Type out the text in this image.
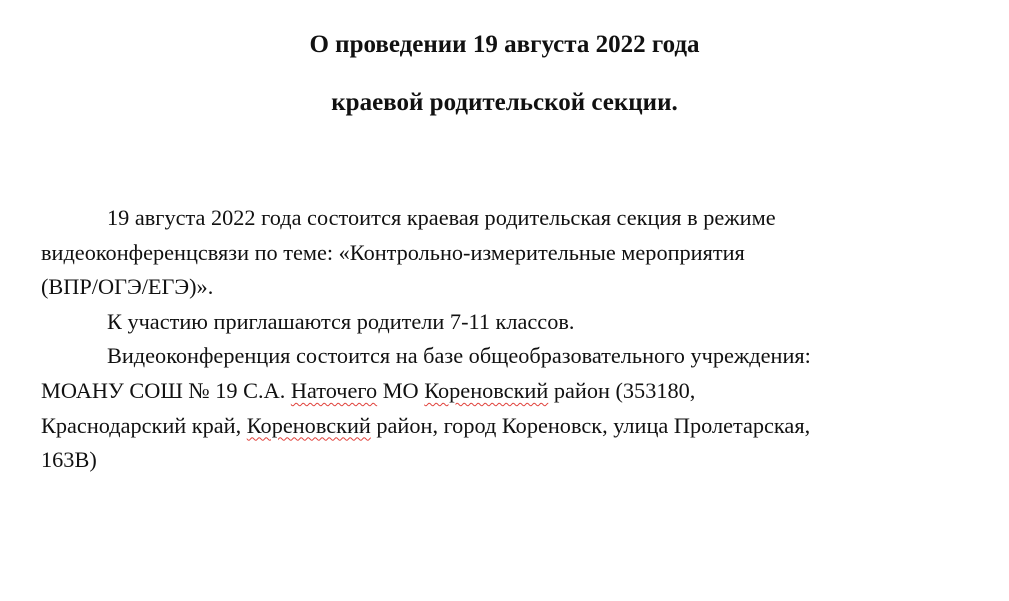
О проведении 19 августа 2022 года
краевой родительской секции.
19 августа 2022 года состоится краевая родительская секция в режиме
видеоконференцсвязи по теме: «Контрольно-измерительные мероприятия
(ВПР/ОГЭ/ЕГЭ)».
К участию приглашаются родители 7-11 классов.
Видеоконференция состоится на базе общеобразовательного учреждения:
МОАНУ СОШ № 19 С.А. Наточего МО Кореновский район (353180,
Краснодарский край, Кореновский район, город Кореновск, улица Пролетарская,
163В)
